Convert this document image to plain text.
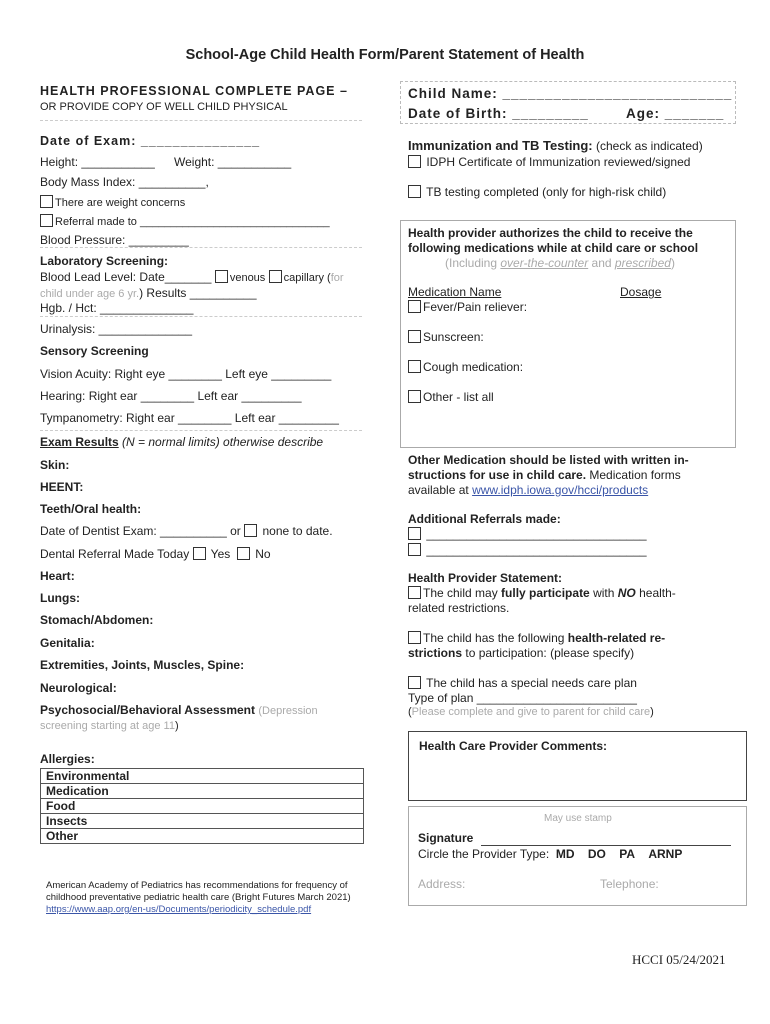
School-Age Child Health Form/Parent Statement of Health
HEALTH PROFESSIONAL COMPLETE PAGE –
OR PROVIDE COPY OF WELL CHILD PHYSICAL
Date of Exam: _______________
Height: ___________ Weight: ___________
Body Mass Index: __________,
There are weight concerns
Referral made to _______________________________
Blood Pressure: _________
Laboratory Screening:
Blood Lead Level: Date_______ venous capillary (for
child under age 6 yr.) Results __________
Hgb. / Hct: ______________
Urinalysis: ______________
Sensory Screening
Vision Acuity: Right eye ________ Left eye _________
Hearing: Right ear ________ Left ear _________
Tympanometry: Right ear ________ Left ear _________
Exam Results (N = normal limits) otherwise describe
Skin:
HEENT:
Teeth/Oral health:
Date of Dentist Exam: __________ or none to date.
Dental Referral Made Today Yes No
Heart:
Lungs:
Stomach/Abdomen:
Genitalia:
Extremities, Joints, Muscles, Spine:
Neurological:
Psychosocial/Behavioral Assessment (Depression
screening starting at age 11)
Allergies:
Environmental
Medication
Food
Insects
Other
American Academy of Pediatrics has recommendations for frequency of
childhood preventative pediatric health care (Bright Futures March 2021)
https://www.aap.org/en-us/Documents/periodicity_schedule.pdf
Child Name: ___________________________
Date of Birth: _________	Age: _______
Immunization and TB Testing: (check as indicated)
IDPH Certificate of Immunization reviewed/signed
TB testing completed (only for high-risk child)
Health provider authorizes the child to receive the
following medications while at child care or school
(Including over-the-counter and prescribed)
Medication Name	Dosage
Fever/Pain reliever:
Sunscreen:
Cough medication:
Other - list all
Other Medication should be listed with written in-
structions for use in child care. Medication forms
available at www.idph.iowa.gov/hcci/products
Additional Referrals made:
_________________________________
_________________________________
Health Provider Statement:
The child may fully participate with NO health-
related restrictions.
The child has the following health-related re-
strictions to participation: (please specify)
The child has a special needs care plan
Type of plan ________________________
(Please complete and give to parent for child care)
Health Care Provider Comments:
May use stamp
Signature
Circle the Provider Type: MD DO PA ARNP
Address:	Telephone:
HCCI 05/24/2021
